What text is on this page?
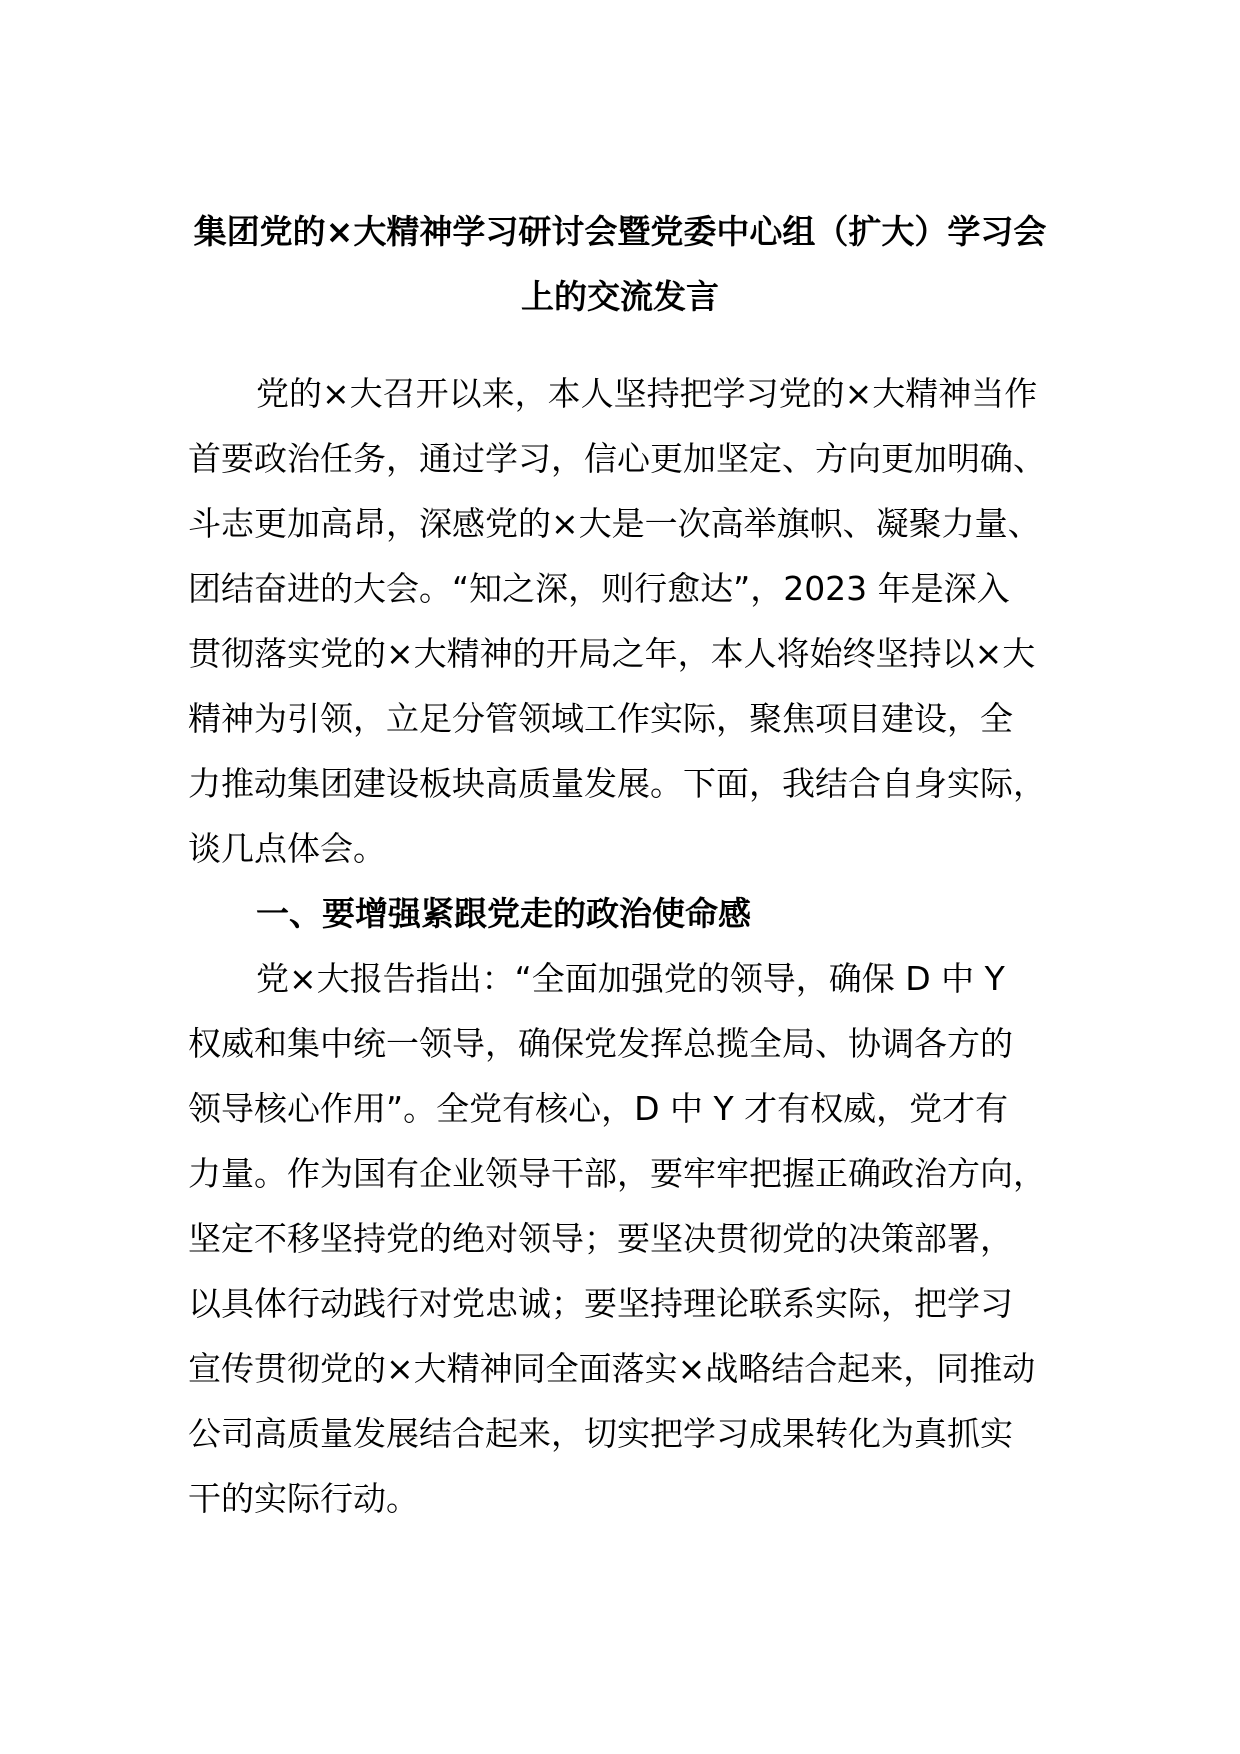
集团党的×大精神学习研讨会暨党委中心组（扩大）学习会
上的交流发言
党的×大召开以来，本人坚持把学习党的×大精神当作
首要政治任务，通过学习，信心更加坚定、方向更加明确、
斗志更加高昂，深感党的×大是一次高举旗帜、凝聚力量、
团结奋进的大会。“知之深，则行愈达”，2023 年是深入
贯彻落实党的×大精神的开局之年，本人将始终坚持以×大
精神为引领，立足分管领域工作实际，聚焦项目建设，全
力推动集团建设板块高质量发展。下面，我结合自身实际，
谈几点体会。
一、要增强紧跟党走的政治使命感
党×大报告指出：“全面加强党的领导，确保 D 中 Y
权威和集中统一领导，确保党发挥总揽全局、协调各方的
领导核心作用”。全党有核心，D 中 Y 才有权威，党才有
力量。作为国有企业领导干部，要牢牢把握正确政治方向，
坚定不移坚持党的绝对领导；要坚决贯彻党的决策部署，
以具体行动践行对党忠诚；要坚持理论联系实际，把学习
宣传贯彻党的×大精神同全面落实×战略结合起来，同推动
公司高质量发展结合起来，切实把学习成果转化为真抓实
干的实际行动。
